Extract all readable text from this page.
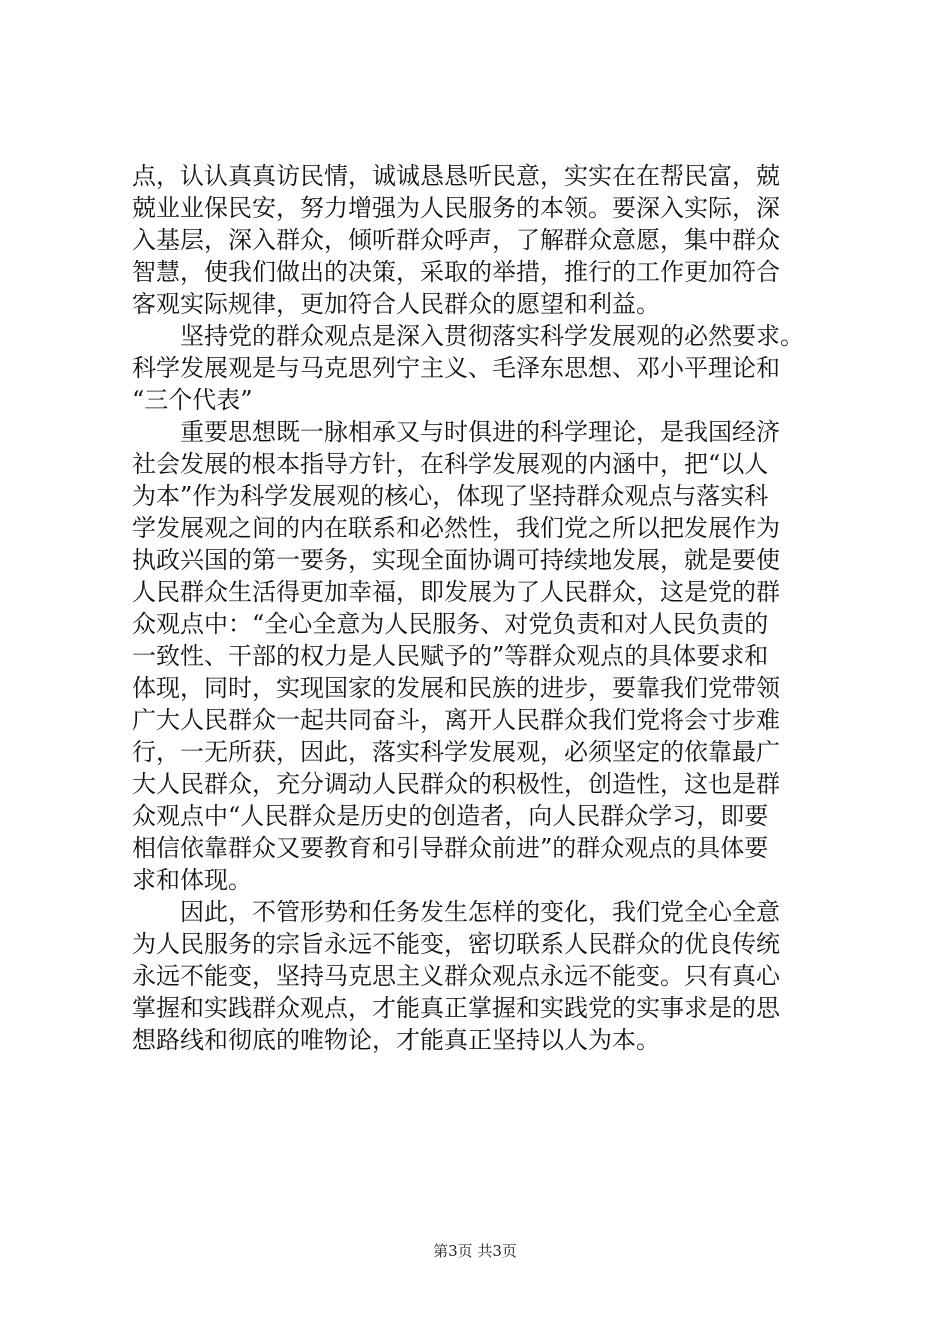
点，认认真真访民情，诚诚恳恳听民意，实实在在帮民富，兢
兢业业保民安，努力增强为人民服务的本领。要深入实际，深
入基层，深入群众，倾听群众呼声，了解群众意愿，集中群众
智慧，使我们做出的决策，采取的举措，推行的工作更加符合
客观实际规律，更加符合人民群众的愿望和利益。
　　坚持党的群众观点是深入贯彻落实科学发展观的必然要求。
科学发展观是与马克思列宁主义、毛泽东思想、邓小平理论和
“三个代表”
　　重要思想既一脉相承又与时俱进的科学理论，是我国经济
社会发展的根本指导方针，在科学发展观的内涵中，把“以人
为本”作为科学发展观的核心，体现了坚持群众观点与落实科
学发展观之间的内在联系和必然性，我们党之所以把发展作为
执政兴国的第一要务，实现全面协调可持续地发展，就是要使
人民群众生活得更加幸福，即发展为了人民群众，这是党的群
众观点中：“全心全意为人民服务、对党负责和对人民负责的
一致性、干部的权力是人民赋予的”等群众观点的具体要求和
体现，同时，实现国家的发展和民族的进步，要靠我们党带领
广大人民群众一起共同奋斗，离开人民群众我们党将会寸步难
行，一无所获，因此，落实科学发展观，必须坚定的依靠最广
大人民群众，充分调动人民群众的积极性，创造性，这也是群
众观点中“人民群众是历史的创造者，向人民群众学习，即要
相信依靠群众又要教育和引导群众前进”的群众观点的具体要
求和体现。
　　因此，不管形势和任务发生怎样的变化，我们党全心全意
为人民服务的宗旨永远不能变，密切联系人民群众的优良传统
永远不能变，坚持马克思主义群众观点永远不能变。只有真心
掌握和实践群众观点，才能真正掌握和实践党的实事求是的思
想路线和彻底的唯物论，才能真正坚持以人为本。
第3页 共3页
